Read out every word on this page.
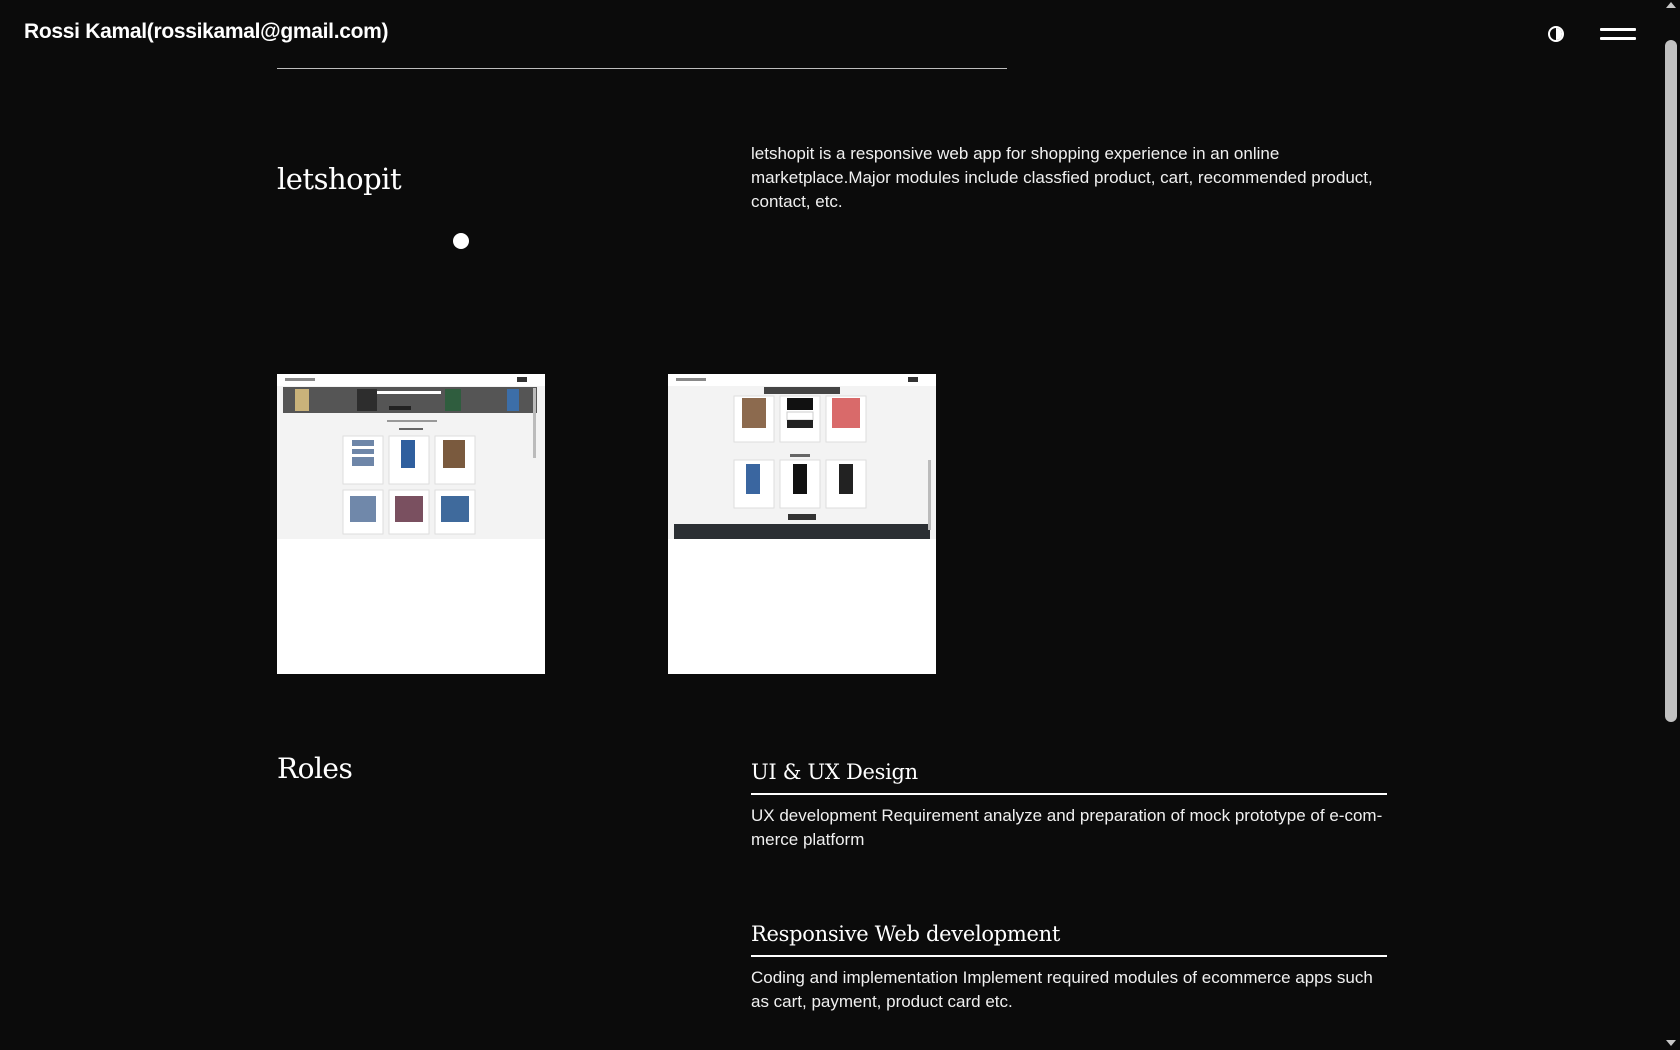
Rossi Kamal(rossikamal@gmail.com)
letshopit

letshopit is a responsive web app for shopping experience in an online marketplace.Major modules include classfied product, cart, recommended product, contact, etc.

Roles	UI & UX Design

UX development Requirement analyze and preparation of mock prototype of e-com-merce platform

Responsive Web development

Coding and implementation Implement required modules of ecommerce apps such as cart, payment, product card etc.
